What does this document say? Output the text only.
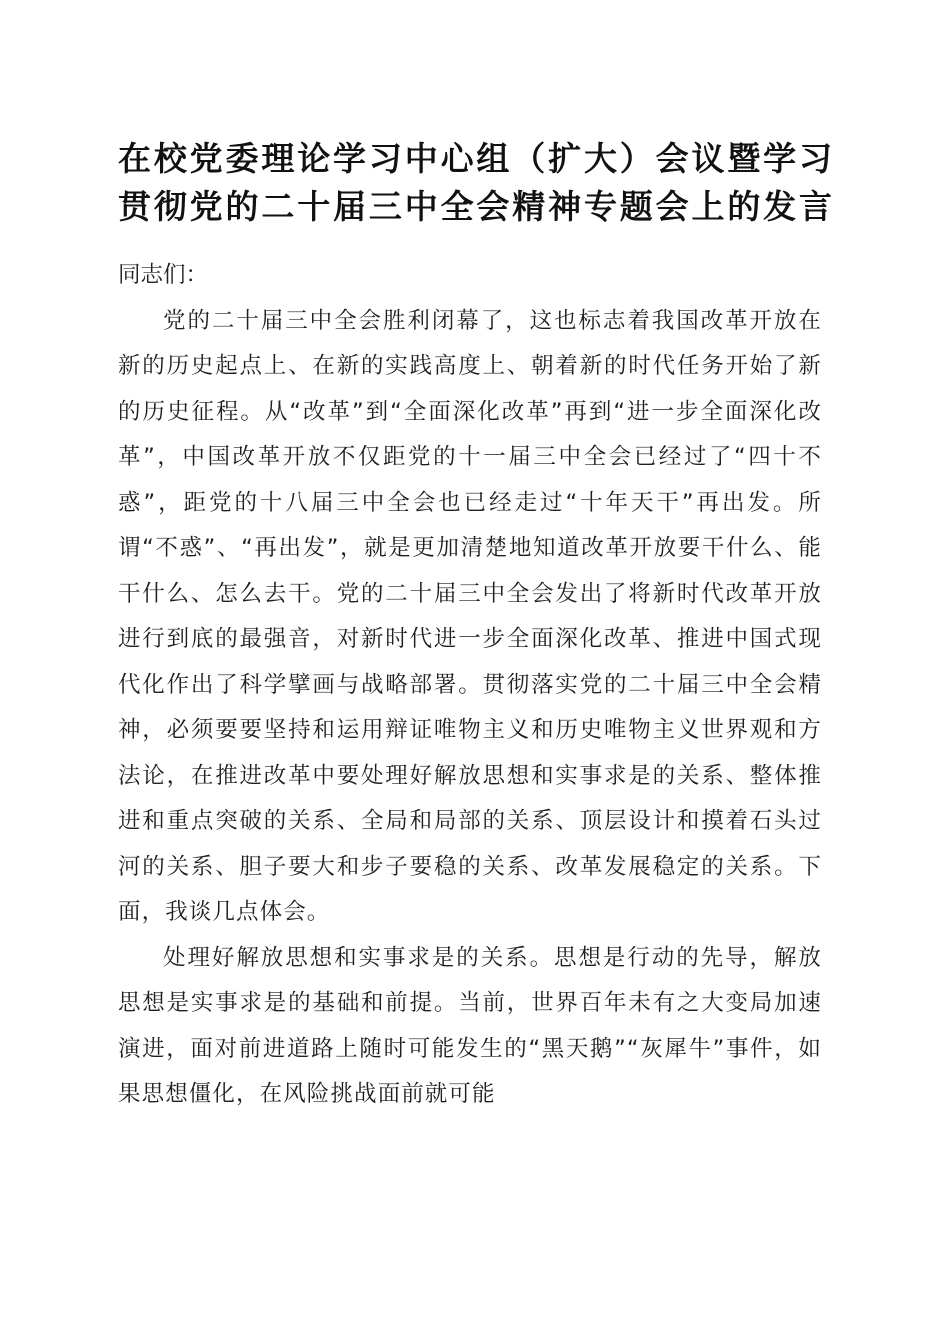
在校党委理论学习中心组（扩大）会议暨学习
贯彻党的二十届三中全会精神专题会上的发言

同志们：

党的二十届三中全会胜利闭幕了，这也标志着我国改革开放在新的历史起点上、在新的实践高度上、朝着新的时代任务开始了新的历史征程。从“改革”到“全面深化改革”再到“进一步全面深化改革”，中国改革开放不仅距党的十一届三中全会已经过了“四十不惑”，距党的十八届三中全会也已经走过“十年天干”再出发。所谓“不惑”、“再出发”，就是更加清楚地知道改革开放要干什么、能干什么、怎么去干。党的二十届三中全会发出了将新时代改革开放进行到底的最强音，对新时代进一步全面深化改革、推进中国式现代化作出了科学擘画与战略部署。贯彻落实党的二十届三中全会精神，必须要要坚持和运用辩证唯物主义和历史唯物主义世界观和方法论，在推进改革中要处理好解放思想和实事求是的关系、整体推进和重点突破的关系、全局和局部的关系、顶层设计和摸着石头过河的关系、胆子要大和步子要稳的关系、改革发展稳定的关系。下面，我谈几点体会。

处理好解放思想和实事求是的关系。思想是行动的先导，解放思想是实事求是的基础和前提。当前，世界百年未有之大变局加速演进，面对前进道路上随时可能发生的“黑天鹅”“灰犀牛”事件，如果思想僵化，在风险挑战面前就可能
